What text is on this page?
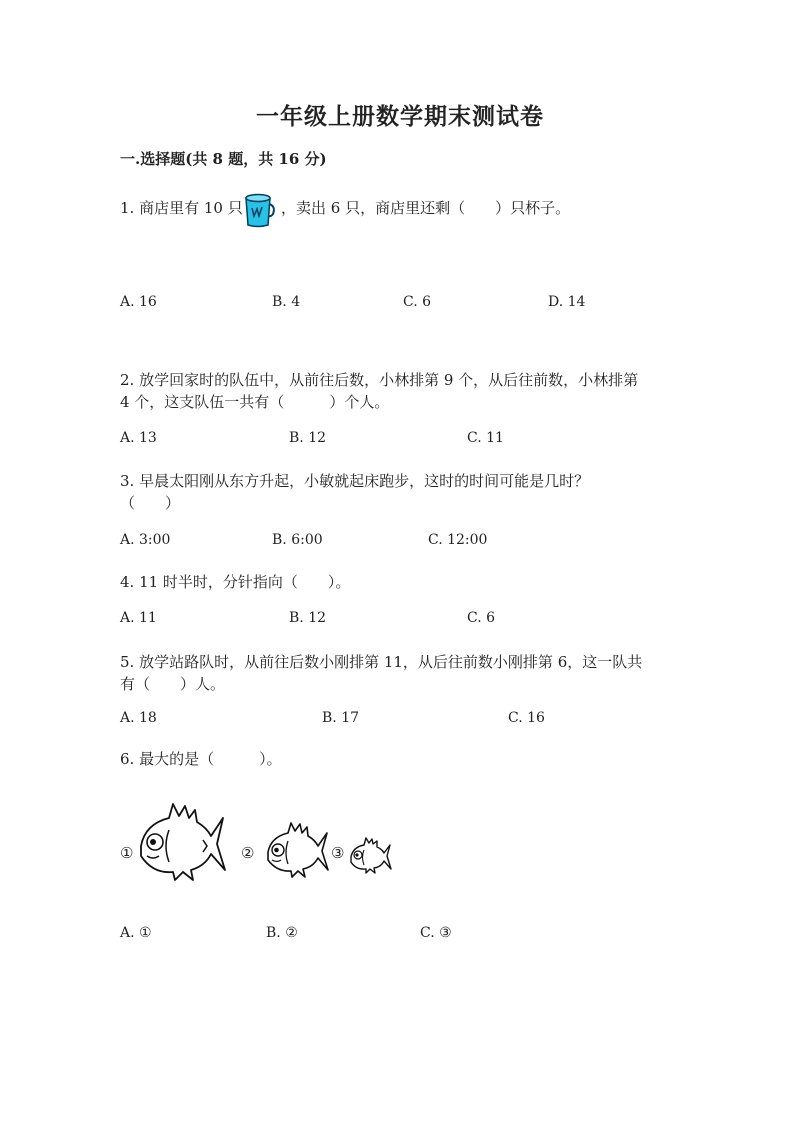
一年级上册数学期末测试卷
一.选择题(共 8 题，共 16 分)
1. 商店里有 10 只	，卖出 6 只，商店里还剩（　　）只杯子。
A. 16	B. 4	C. 6	D. 14
2. 放学回家时的队伍中，从前往后数，小林排第 9 个，从后往前数，小林排第
4 个，这支队伍一共有（　　　）个人。
A. 13	B. 12	C. 11
3. 早晨太阳刚从东方升起，小敏就起床跑步，这时的时间可能是几时？
（　　）
A. 3:00	B. 6:00	C. 12:00
4. 11 时半时，分针指向（　　）。
A. 11	B. 12	C. 6
5. 放学站路队时，从前往后数小刚排第 11，从后往前数小刚排第 6，这一队共
有（　　）人。
A. 18	B. 17	C. 16
6. 最大的是（　　　）。
①	②	③
A. ①	B. ②	C. ③
